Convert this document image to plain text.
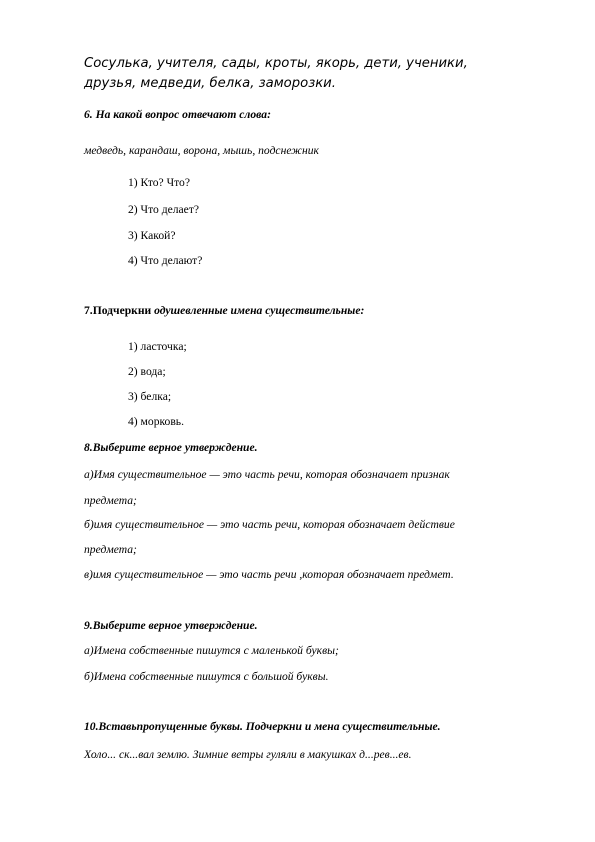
Сосулька, учителя, сады, кроты, якорь, дети, ученики,
друзья, медведи, белка, заморозки.
6. На какой вопрос отвечают слова:
медведь, карандаш, ворона, мышь, подснежник
1) Кто? Что?
2) Что делает?
3) Какой?
4) Что делают?
7.Подчеркни одушевленные имена существительные:
1) ласточка;
2) вода;
3) белка;
4) морковь.
8.Выберите верное утверждение.
а)Имя существительное — это часть речи, которая обозначает признак
предмета;
б)имя существительное — это часть речи, которая обозначает действие
предмета;
в)имя существительное — это часть речи ,которая обозначает предмет.
9.Выберите верное утверждение.
а)Имена собственные пишутся с маленькой буквы;
б)Имена собственные пишутся с большой буквы.
10.Вставьпропущенные буквы. Подчеркни и мена существительные.
Холо... ск...вал землю. Зимние ветры гуляли в макушках д...рев...ев.
